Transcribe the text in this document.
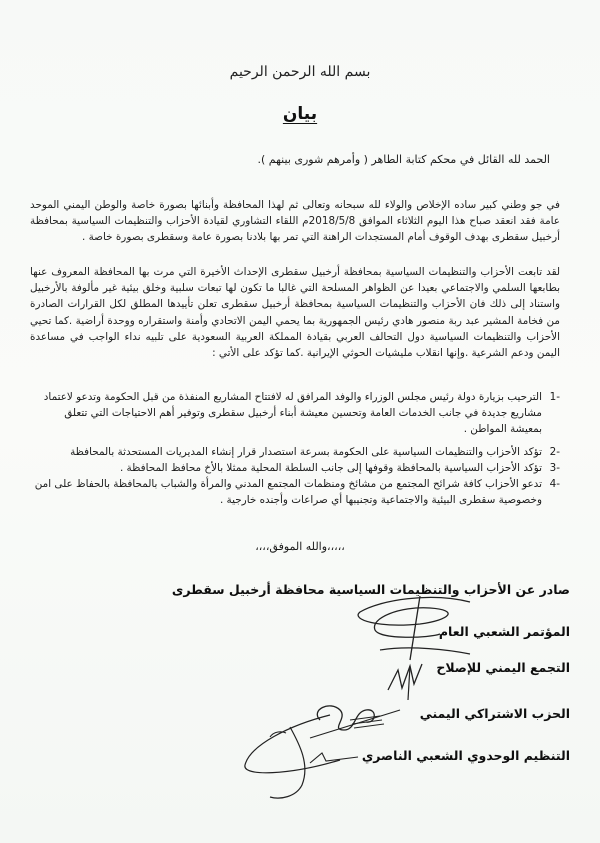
بسم الله الرحمن الرحيم
بيان
الحمد لله القائل في محكم كتابة الطاهر ( وأمرهم شورى بينهم ).
في جو وطني كبير ساده الإخلاص والولاء لله سبحانه وتعالى ثم لهذا المحافظة وأبنائها بصورة خاصة والوطن اليمني الموحد عامة فقد انعقد صباح هذا اليوم الثلاثاء الموافق 2018/5/8م اللقاء التشاوري لقيادة الأحزاب والتنظيمات السياسية بمحافظة أرخبيل سقطرى بهدف الوقوف أمام المستجدات الراهنة التي تمر بها بلادنا بصورة عامة وسقطرى بصورة خاصة .
لقد تابعت الأحزاب والتنظيمات السياسية بمحافظة أرخبيل سقطرى الإحداث الأخيرة التي مرت بها المحافظة المعروف عنها بطابعها السلمي والاجتماعي بعيدا عن الظواهر المسلحة التي غالبا ما تكون لها تبعات سلبية وخلق بيئية غير مألوفة بالأرخبيل واستناد إلى ذلك فان الأحزاب والتنظيمات السياسية بمحافظة أرخبيل سقطرى تعلن تأييدها المطلق لكل القرارات الصادرة من فخامة المشير عبد ربة منصور هادي رئيس الجمهورية بما يحمي اليمن الاتحادي وأمنة واستقراره ووحدة أراضية .كما تحيي الأحزاب والتنظيمات السياسية دول التحالف العربي بقيادة المملكة العربية السعودية على تلبيه نداء الواجب في مساعدة اليمن ودعم الشرعية .وإنها انقلاب مليشيات الحوثي الإيرانية .كما تؤكد على الأتي :
-1
الترحيب بزيارة دولة رئيس مجلس الوزراء والوفد المرافق له لافتتاح المشاريع المنفذة من قبل الحكومة وتدعو لاعتماد مشاريع جديدة في جانب الخدمات العامة وتحسين معيشة أبناء أرخبيل سقطرى وتوفير أهم الاحتياجات التي تتعلق بمعيشة المواطن .
-2
تؤكد الأحزاب والتنظيمات السياسية على الحكومة بسرعة استصدار قرار إنشاء المديريات المستحدثة بالمحافظة
-3
تؤكد الأحزاب السياسية بالمحافظة وقوفها إلى جانب السلطة المحلية ممثلا بالأخ محافظ المحافظة .
-4
تدعو الأحزاب كافة شرائح المجتمع من مشائخ ومنظمات المجتمع المدني والمرأة والشباب بالمحافظة بالحفاظ على امن وخصوصية سقطرى البيئية والاجتماعية وتجنيبها أي صراعات وأجنده خارجية .
،،،،،والله الموفق،،،،
صادر عن الأحزاب والتنظيمات السياسية محافظة أرخبيل سقطرى
المؤتمر الشعبي العام
التجمع اليمني للإصلاح
الحزب الاشتراكي اليمني
التنظيم الوحدوي الشعبي الناصري
